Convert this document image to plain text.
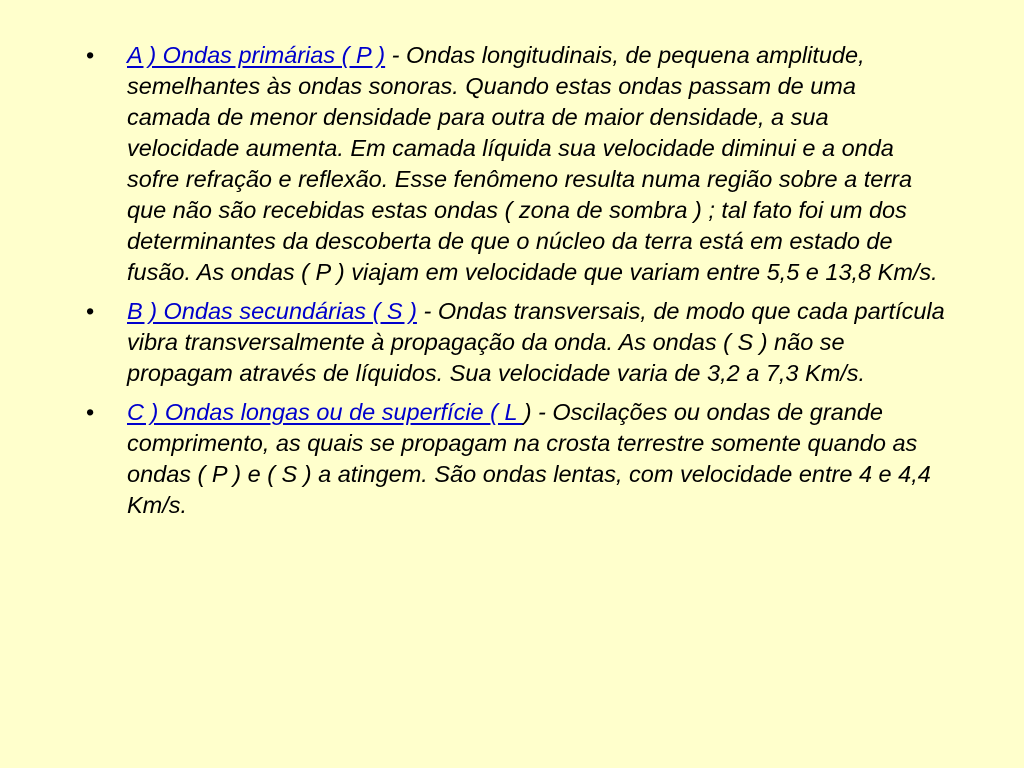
• A ) Ondas primárias ( P ) - Ondas longitudinais, de pequena amplitude, semelhantes às ondas sonoras. Quando estas ondas passam de uma camada de menor densidade para outra de maior densidade, a sua velocidade aumenta. Em camada líquida sua velocidade diminui e a onda sofre refração e reflexão. Esse fenômeno resulta numa região sobre a terra que não são recebidas estas ondas ( zona de sombra ) ; tal fato foi um dos determinantes da descoberta de que o núcleo da terra está em estado de fusão. As ondas ( P ) viajam em velocidade que variam entre 5,5 e 13,8 Km/s.
• B ) Ondas secundárias ( S ) - Ondas transversais, de modo que cada partícula vibra transversalmente à propagação da onda. As ondas ( S ) não se propagam através de líquidos. Sua velocidade varia de 3,2 a 7,3 Km/s.
• C ) Ondas longas ou de superfície ( L ) - Oscilações ou ondas de grande comprimento, as quais se propagam na crosta terrestre somente quando as ondas ( P ) e ( S ) a atingem. São ondas lentas, com velocidade entre 4 e 4,4 Km/s.
